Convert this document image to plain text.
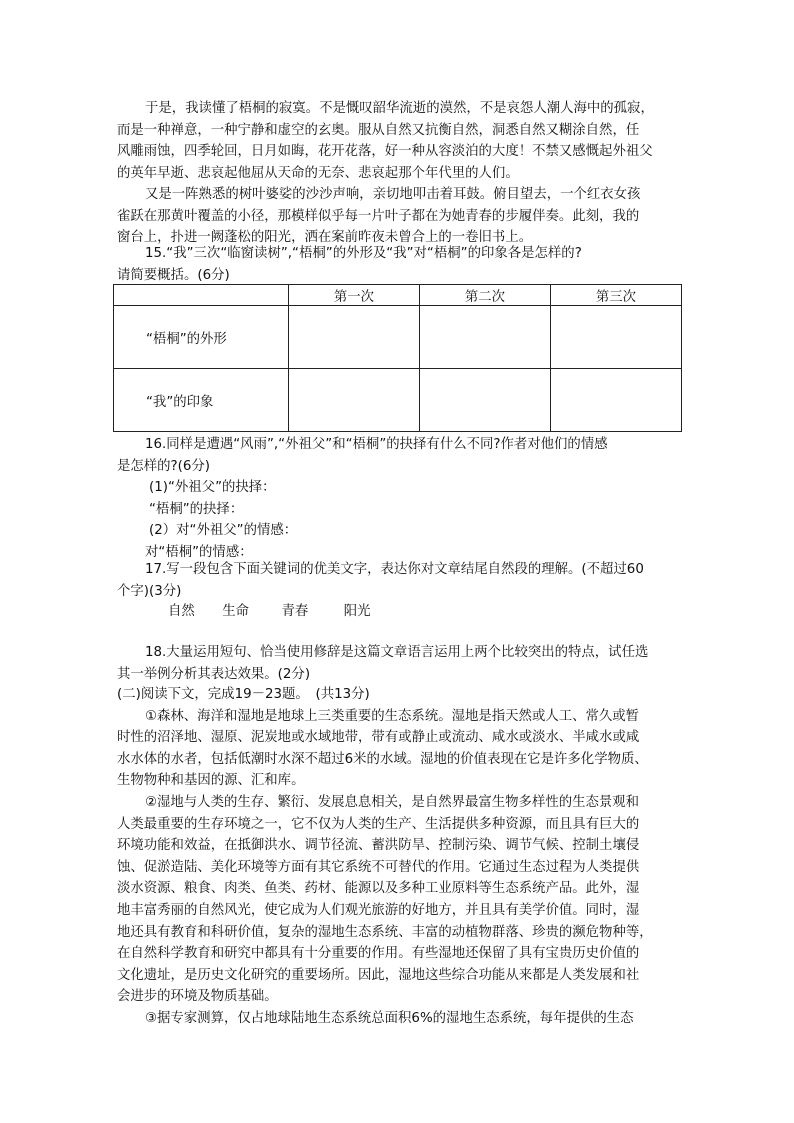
于是，我读懂了梧桐的寂寞。不是慨叹韶华流逝的漠然，不是哀怨人潮人海中的孤寂，
而是一种禅意，一种宁静和虚空的玄奥。服从自然又抗衡自然，洞悉自然又糊涂自然，任
风雕雨蚀，四季轮回，日月如晦，花开花落，好一种从容淡泊的大度！不禁又感慨起外祖父
的英年早逝、悲哀起他屈从天命的无奈、悲哀起那个年代里的人们。
又是一阵熟悉的树叶婆娑的沙沙声响，亲切地叩击着耳鼓。俯目望去，一个红衣女孩
雀跃在那黄叶覆盖的小径，那模样似乎每一片叶子都在为她青春的步履伴奏。此刻，我的
窗台上，扑进一阙蓬松的阳光，洒在案前昨夜未曾合上的一卷旧书上。
15.“我”三次“临窗读树”,“梧桐”的外形及“我”对“梧桐”的印象各是怎样的?
请简要概括。(6分)
	第一次	第二次	第三次
“梧桐”的外形			
“我”的印象			
16.同样是遭遇“风雨”,“外祖父”和“梧桐”的抉择有什么不同?作者对他们的情感
是怎样的?(6分)
(1)“外祖父”的抉择：
“梧桐”的抉择：
(2）对“外祖父”的情感：
对“梧桐”的情感：
17.写一段包含下面关键词的优美文字，表达你对文章结尾自然段的理解。(不超过60
个字)(3分)
自然 生命 青春	阳光
18.大量运用短句、恰当使用修辞是这篇文章语言运用上两个比较突出的特点，试任选
其一举例分析其表达效果。(2分)
(二)阅读下文，完成19－23题。　(共13分)
①森林、海洋和湿地是地球上三类重要的生态系统。湿地是指天然或人工、常久或暂
时性的沼泽地、湿原、泥炭地或水域地带，带有或静止或流动、咸水或淡水、半咸水或咸
水水体的水者，包括低潮时水深不超过6米的水域。湿地的价值表现在它是许多化学物质、
生物物种和基因的源、汇和库。
②湿地与人类的生存、繁衍、发展息息相关，是自然界最富生物多样性的生态景观和
人类最重要的生存环境之一，它不仅为人类的生产、生活提供多种资源，而且具有巨大的
环境功能和效益，在抵御洪水、调节径流、蓄洪防旱、控制污染、调节气候、控制土壤侵
蚀、促淤造陆、美化环境等方面有其它系统不可替代的作用。它通过生态过程为人类提供
淡水资源、粮食、肉类、鱼类、药材、能源以及多种工业原料等生态系统产品。此外，湿
地丰富秀丽的自然风光，使它成为人们观光旅游的好地方，并且具有美学价值。同时，湿
地还具有教育和科研价值，复杂的湿地生态系统、丰富的动植物群落、珍贵的濒危物种等，
在自然科学教育和研究中都具有十分重要的作用。有些湿地还保留了具有宝贵历史价值的
文化遗址，是历史文化研究的重要场所。因此，湿地这些综合功能从来都是人类发展和社
会进步的环境及物质基础。
③据专家测算，仅占地球陆地生态系统总面积6%的湿地生态系统，每年提供的生态
